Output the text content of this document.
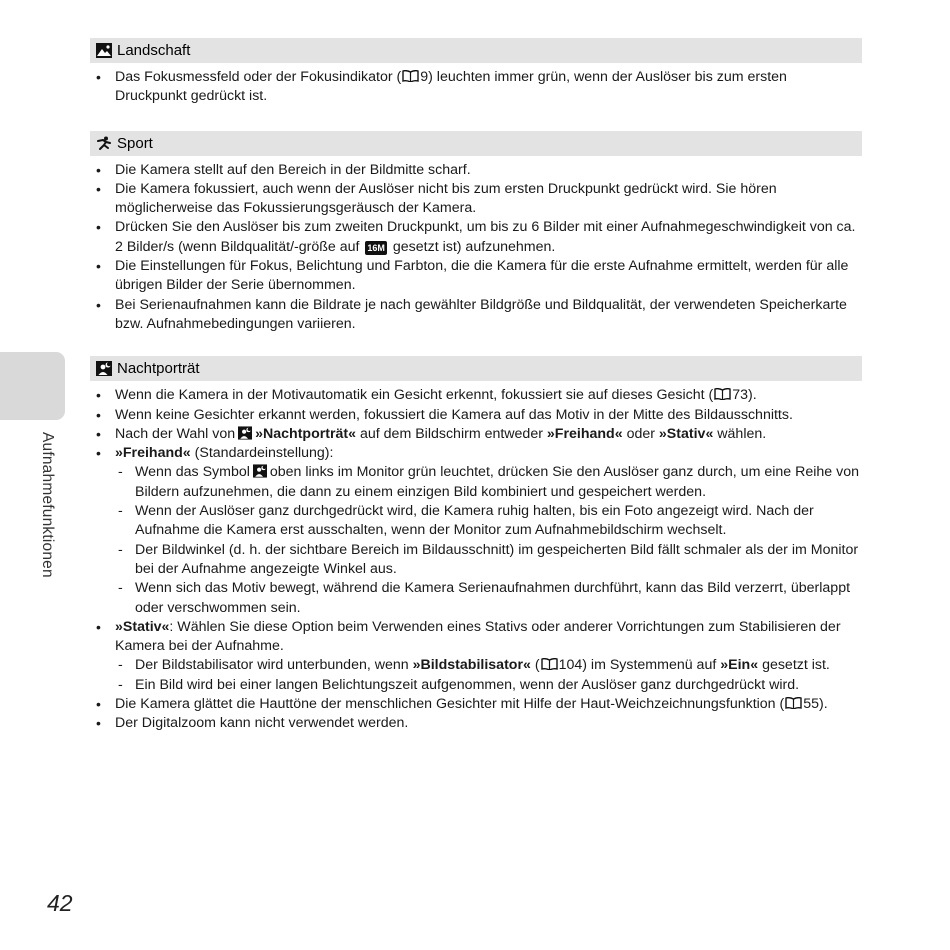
Aufnahmefunktionen
42
Landschaft
• Das Fokusmessfeld oder der Fokusindikator ( 9) leuchten immer grün, wenn der Auslöser bis zum ersten Druckpunkt gedrückt ist.
Sport
• Die Kamera stellt auf den Bereich in der Bildmitte scharf.
• Die Kamera fokussiert, auch wenn der Auslöser nicht bis zum ersten Druckpunkt gedrückt wird. Sie hören möglicherweise das Fokussierungsgeräusch der Kamera.
• Drücken Sie den Auslöser bis zum zweiten Druckpunkt, um bis zu 6 Bilder mit einer Aufnahmegeschwindigkeit von ca. 2 Bilder/s (wenn Bildqualität/-größe auf 16M gesetzt ist) aufzunehmen.
• Die Einstellungen für Fokus, Belichtung und Farbton, die die Kamera für die erste Aufnahme ermittelt, werden für alle übrigen Bilder der Serie übernommen.
• Bei Serienaufnahmen kann die Bildrate je nach gewählter Bildgröße und Bildqualität, der verwendeten Speicherkarte bzw. Aufnahmebedingungen variieren.
Nachtporträt
• Wenn die Kamera in der Motivautomatik ein Gesicht erkennt, fokussiert sie auf dieses Gesicht ( 73).
• Wenn keine Gesichter erkannt werden, fokussiert die Kamera auf das Motiv in der Mitte des Bildausschnitts.
• Nach der Wahl von »Nachtporträt« auf dem Bildschirm entweder »Freihand« oder »Stativ« wählen.
• »Freihand« (Standardeinstellung):
- Wenn das Symbol oben links im Monitor grün leuchtet, drücken Sie den Auslöser ganz durch, um eine Reihe von Bildern aufzunehmen, die dann zu einem einzigen Bild kombiniert und gespeichert werden.
- Wenn der Auslöser ganz durchgedrückt wird, die Kamera ruhig halten, bis ein Foto angezeigt wird. Nach der Aufnahme die Kamera erst ausschalten, wenn der Monitor zum Aufnahmebildschirm wechselt.
- Der Bildwinkel (d. h. der sichtbare Bereich im Bildausschnitt) im gespeicherten Bild fällt schmaler als der im Monitor bei der Aufnahme angezeigte Winkel aus.
- Wenn sich das Motiv bewegt, während die Kamera Serienaufnahmen durchführt, kann das Bild verzerrt, überlappt oder verschwommen sein.
• »Stativ«: Wählen Sie diese Option beim Verwenden eines Stativs oder anderer Vorrichtungen zum Stabilisieren der Kamera bei der Aufnahme.
- Der Bildstabilisator wird unterbunden, wenn »Bildstabilisator« ( 104) im Systemmenü auf »Ein« gesetzt ist.
- Ein Bild wird bei einer langen Belichtungszeit aufgenommen, wenn der Auslöser ganz durchgedrückt wird.
• Die Kamera glättet die Hauttöne der menschlichen Gesichter mit Hilfe der Haut-Weichzeichnungsfunktion ( 55).
• Der Digitalzoom kann nicht verwendet werden.
